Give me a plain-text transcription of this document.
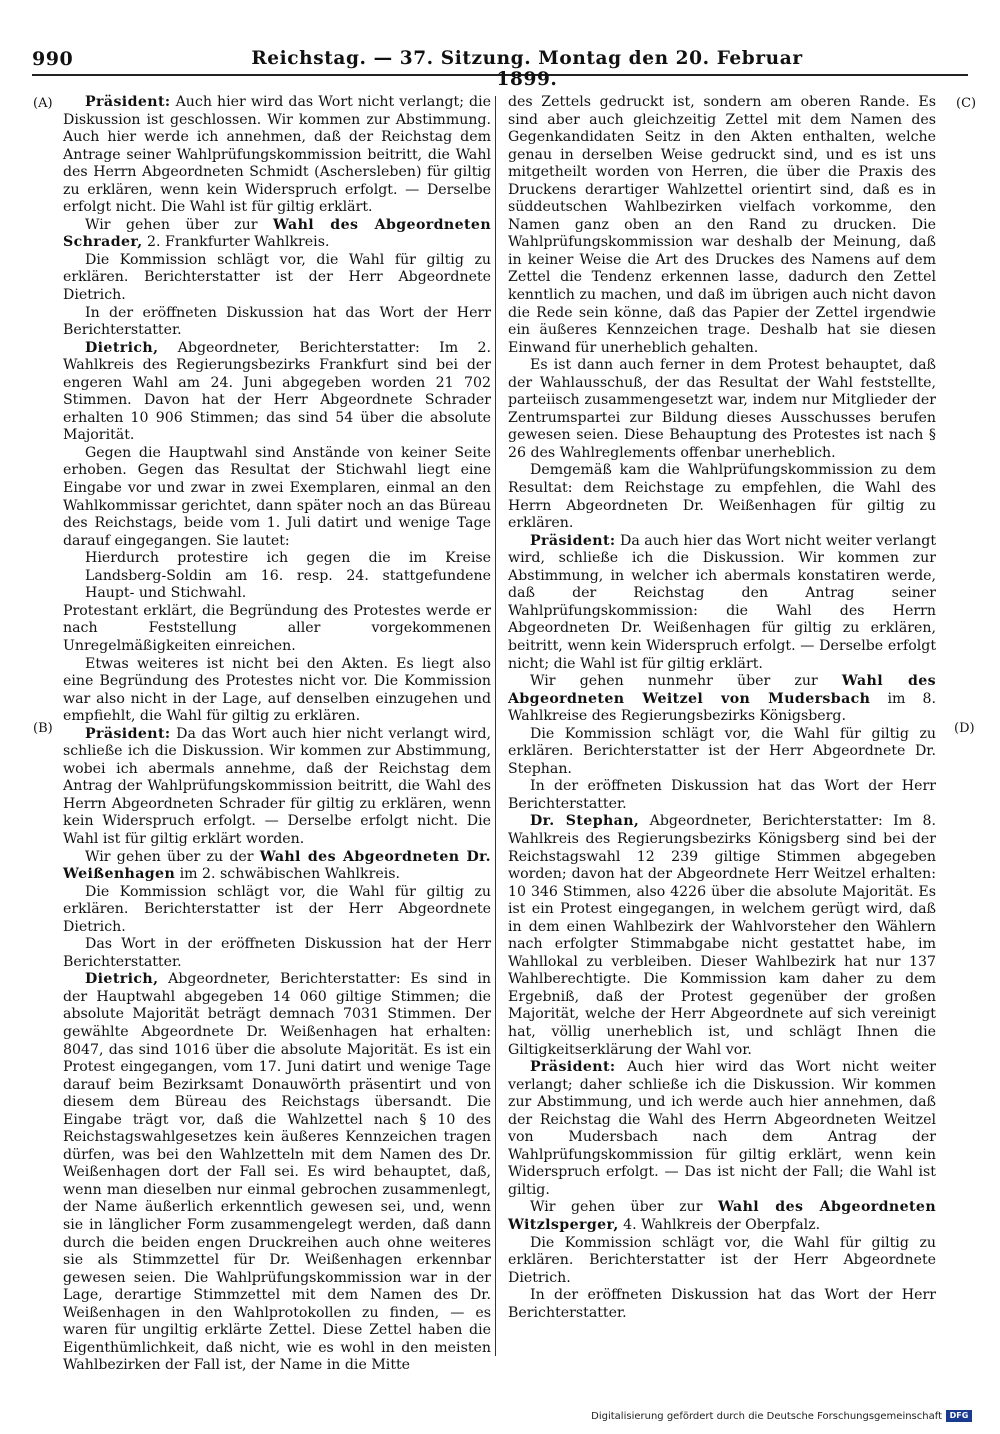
990	Reichstag. — 37. Sitzung. Montag den 20. Februar 1899.
(A)
(B)
(C)
(D)

Präsident: Auch hier wird das Wort nicht verlangt; die Diskussion ist geschlossen. Wir kommen zur Abstimmung. Auch hier werde ich annehmen, daß der Reichstag dem Antrage seiner Wahlprüfungskommission beitritt, die Wahl des Herrn Abgeordneten Schmidt (Aschersleben) für giltig zu erklären, wenn kein Widerspruch erfolgt. — Derselbe erfolgt nicht. Die Wahl ist für giltig erklärt.

Wir gehen über zur Wahl des Abgeordneten Schrader, 2. Frankfurter Wahlkreis.

Die Kommission schlägt vor, die Wahl für giltig zu erklären. Berichterstatter ist der Herr Abgeordnete Dietrich.

In der eröffneten Diskussion hat das Wort der Herr Berichterstatter.

Dietrich, Abgeordneter, Berichterstatter: Im 2. Wahlkreis des Regierungsbezirks Frankfurt sind bei der engeren Wahl am 24. Juni abgegeben worden 21 702 Stimmen. Davon hat der Herr Abgeordnete Schrader erhalten 10 906 Stimmen; das sind 54 über die absolute Majorität.

Gegen die Hauptwahl sind Anstände von keiner Seite erhoben. Gegen das Resultat der Stichwahl liegt eine Eingabe vor und zwar in zwei Exemplaren, einmal an den Wahlkommissar gerichtet, dann später noch an das Büreau des Reichstags, beide vom 1. Juli datirt und wenige Tage darauf eingegangen. Sie lautet:

Hierdurch protestire ich gegen die im Kreise Landsberg-Soldin am 16. resp. 24. stattgefundene Haupt- und Stichwahl.

Protestant erklärt, die Begründung des Protestes werde er nach Feststellung aller vorgekommenen Unregelmäßigkeiten einreichen.

Etwas weiteres ist nicht bei den Akten. Es liegt also eine Begründung des Protestes nicht vor. Die Kommission war also nicht in der Lage, auf denselben einzugehen und empfiehlt, die Wahl für giltig zu erklären.

Präsident: Da das Wort auch hier nicht verlangt wird, schließe ich die Diskussion. Wir kommen zur Abstimmung, wobei ich abermals annehme, daß der Reichstag dem Antrag der Wahlprüfungskommission beitritt, die Wahl des Herrn Abgeordneten Schrader für giltig zu erklären, wenn kein Widerspruch erfolgt. — Derselbe erfolgt nicht. Die Wahl ist für giltig erklärt worden.

Wir gehen über zu der Wahl des Abgeordneten Dr. Weißenhagen im 2. schwäbischen Wahlkreis.

Die Kommission schlägt vor, die Wahl für giltig zu erklären. Berichterstatter ist der Herr Abgeordnete Dietrich.

Das Wort in der eröffneten Diskussion hat der Herr Berichterstatter.

Dietrich, Abgeordneter, Berichterstatter: Es sind in der Hauptwahl abgegeben 14 060 giltige Stimmen; die absolute Majorität beträgt demnach 7031 Stimmen. Der gewählte Abgeordnete Dr. Weißenhagen hat erhalten: 8047, das sind 1016 über die absolute Majorität. Es ist ein Protest eingegangen, vom 17. Juni datirt und wenige Tage darauf beim Bezirksamt Donauwörth präsentirt und von diesem dem Büreau des Reichstags übersandt. Die Eingabe trägt vor, daß die Wahlzettel nach § 10 des Reichstagswahlgesetzes kein äußeres Kennzeichen tragen dürfen, was bei den Wahlzetteln mit dem Namen des Dr. Weißenhagen dort der Fall sei. Es wird behauptet, daß, wenn man dieselben nur einmal gebrochen zusammenlegt, der Name äußerlich erkenntlich gewesen sei, und, wenn sie in länglicher Form zusammengelegt werden, daß dann durch die beiden engen Druckreihen auch ohne weiteres sie als Stimmzettel für Dr. Weißenhagen erkennbar gewesen seien. Die Wahlprüfungskommission war in der Lage, derartige Stimmzettel mit dem Namen des Dr. Weißenhagen in den Wahlprotokollen zu finden, — es waren für ungiltig erklärte Zettel. Diese Zettel haben die Eigenthümlichkeit, daß nicht, wie es wohl in den meisten Wahlbezirken der Fall ist, der Name in die Mitte

des Zettels gedruckt ist, sondern am oberen Rande. Es sind aber auch gleichzeitig Zettel mit dem Namen des Gegenkandidaten Seitz in den Akten enthalten, welche genau in derselben Weise gedruckt sind, und es ist uns mitgetheilt worden von Herren, die über die Praxis des Druckens derartiger Wahlzettel orientirt sind, daß es in süddeutschen Wahlbezirken vielfach vorkomme, den Namen ganz oben an den Rand zu drucken. Die Wahlprüfungskommission war deshalb der Meinung, daß in keiner Weise die Art des Druckes des Namens auf dem Zettel die Tendenz erkennen lasse, dadurch den Zettel kenntlich zu machen, und daß im übrigen auch nicht davon die Rede sein könne, daß das Papier der Zettel irgendwie ein äußeres Kennzeichen trage. Deshalb hat sie diesen Einwand für unerheblich gehalten.

Es ist dann auch ferner in dem Protest behauptet, daß der Wahlausschuß, der das Resultat der Wahl feststellte, parteiisch zusammengesetzt war, indem nur Mitglieder der Zentrumspartei zur Bildung dieses Ausschusses berufen gewesen seien. Diese Behauptung des Protestes ist nach § 26 des Wahlreglements offenbar unerheblich.

Demgemäß kam die Wahlprüfungskommission zu dem Resultat: dem Reichstage zu empfehlen, die Wahl des Herrn Abgeordneten Dr. Weißenhagen für giltig zu erklären.

Präsident: Da auch hier das Wort nicht weiter verlangt wird, schließe ich die Diskussion. Wir kommen zur Abstimmung, in welcher ich abermals konstatiren werde, daß der Reichstag den Antrag seiner Wahlprüfungskommission: die Wahl des Herrn Abgeordneten Dr. Weißenhagen für giltig zu erklären, beitritt, wenn kein Widerspruch erfolgt. — Derselbe erfolgt nicht; die Wahl ist für giltig erklärt.

Wir gehen nunmehr über zur Wahl des Abgeordneten Weitzel von Mudersbach im 8. Wahlkreise des Regierungsbezirks Königsberg.

Die Kommission schlägt vor, die Wahl für giltig zu erklären. Berichterstatter ist der Herr Abgeordnete Dr. Stephan.

In der eröffneten Diskussion hat das Wort der Herr Berichterstatter.

Dr. Stephan, Abgeordneter, Berichterstatter: Im 8. Wahlkreis des Regierungsbezirks Königsberg sind bei der Reichstagswahl 12 239 giltige Stimmen abgegeben worden; davon hat der Abgeordnete Herr Weitzel erhalten: 10 346 Stimmen, also 4226 über die absolute Majorität. Es ist ein Protest eingegangen, in welchem gerügt wird, daß in dem einen Wahlbezirk der Wahlvorsteher den Wählern nach erfolgter Stimmabgabe nicht gestattet habe, im Wahllokal zu verbleiben. Dieser Wahlbezirk hat nur 137 Wahlberechtigte. Die Kommission kam daher zu dem Ergebniß, daß der Protest gegenüber der großen Majorität, welche der Herr Abgeordnete auf sich vereinigt hat, völlig unerheblich ist, und schlägt Ihnen die Giltigkeitserklärung der Wahl vor.

Präsident: Auch hier wird das Wort nicht weiter verlangt; daher schließe ich die Diskussion. Wir kommen zur Abstimmung, und ich werde auch hier annehmen, daß der Reichstag die Wahl des Herrn Abgeordneten Weitzel von Mudersbach nach dem Antrag der Wahlprüfungskommission für giltig erklärt, wenn kein Widerspruch erfolgt. — Das ist nicht der Fall; die Wahl ist giltig.

Wir gehen über zur Wahl des Abgeordneten Witzlsperger, 4. Wahlkreis der Oberpfalz.

Die Kommission schlägt vor, die Wahl für giltig zu erklären. Berichterstatter ist der Herr Abgeordnete Dietrich.

In der eröffneten Diskussion hat das Wort der Herr Berichterstatter.

Digitalisierung gefördert durch die Deutsche Forschungsgemeinschaft DFG
